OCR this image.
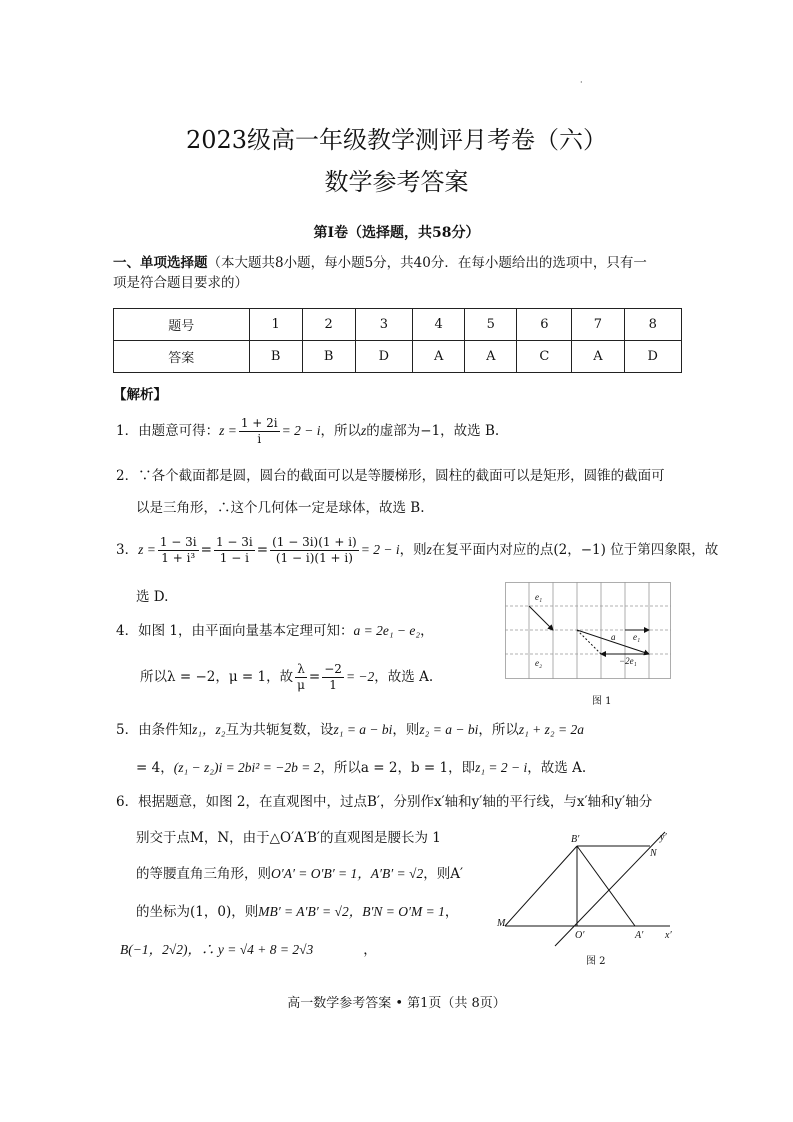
·
2023级高一年级教学测评月考卷（六）
数学参考答案
第Ⅰ卷（选择题，共58分）
一、单项选择题（本大题共8小题，每小题5分，共40分．在每小题给出的选项中，只有一
项是符合题目要求的）
题号	1	2	3	4	5	6	7	8
答案	B	B	D	A	A	C	A	D
【解析】
1．由题意可得：$z = \frac{1 + 2i}{i} = 2 - i$，所以z的虚部为−1，故选 B.
2．∵各个截面都是圆，圆台的截面可以是等腰梯形，圆柱的截面可以是矩形，圆锥的截面可
以是三角形，∴这个几何体一定是球体，故选 B.
3．$z = \frac{1 - 3i}{\text{1 + i³}} = \frac{1 - 3i}{1 - i} = \frac{(1 - 3i)(1 + i)}{(1 - i)(1 + i)} = 2 - i$，则z在复平面内对应的点(2，−1) 位于第四象限，故
选 D.
4．如图 1，由平面向量基本定理可知：a = 2e₁ − e₂，
所以λ = −2，μ = 1，故 $\frac{\lambda}{\mu} = \frac{-2}{1} = -2$，故选 A.
e₁
e₂
a e₁
−2e₁
图 1
5．由条件知z₁，z₂互为共轭复数，设z₁ = a − bi，则z₂ = a − bi，所以z₁ + z₂ = 2a
= 4，(z₁ − z₂)i = 2bi² = −2b = 2，所以a = 2，b = 1，即z₁ = 2 − i，故选 A.
6．根据题意，如图 2，在直观图中，过点B′，分别作x′轴和y′轴的平行线，与x′轴和y′轴分
别交于点M，N，由于△O′A′B′的直观图是腰长为 1
的等腰直角三角形，则O′A′ = O′B′ = 1，A′B′ = √2，则A′
的坐标为(1，0)，则MB′ = A′B′ = √2，B′N = O′M = 1，
B(−1，2√2)，∴ y = √4 + 8 = 2√3	，
B′
N
y′
M
O′	A′ x′
图 2
高一数学参考答案 • 第1页（共 8页）
